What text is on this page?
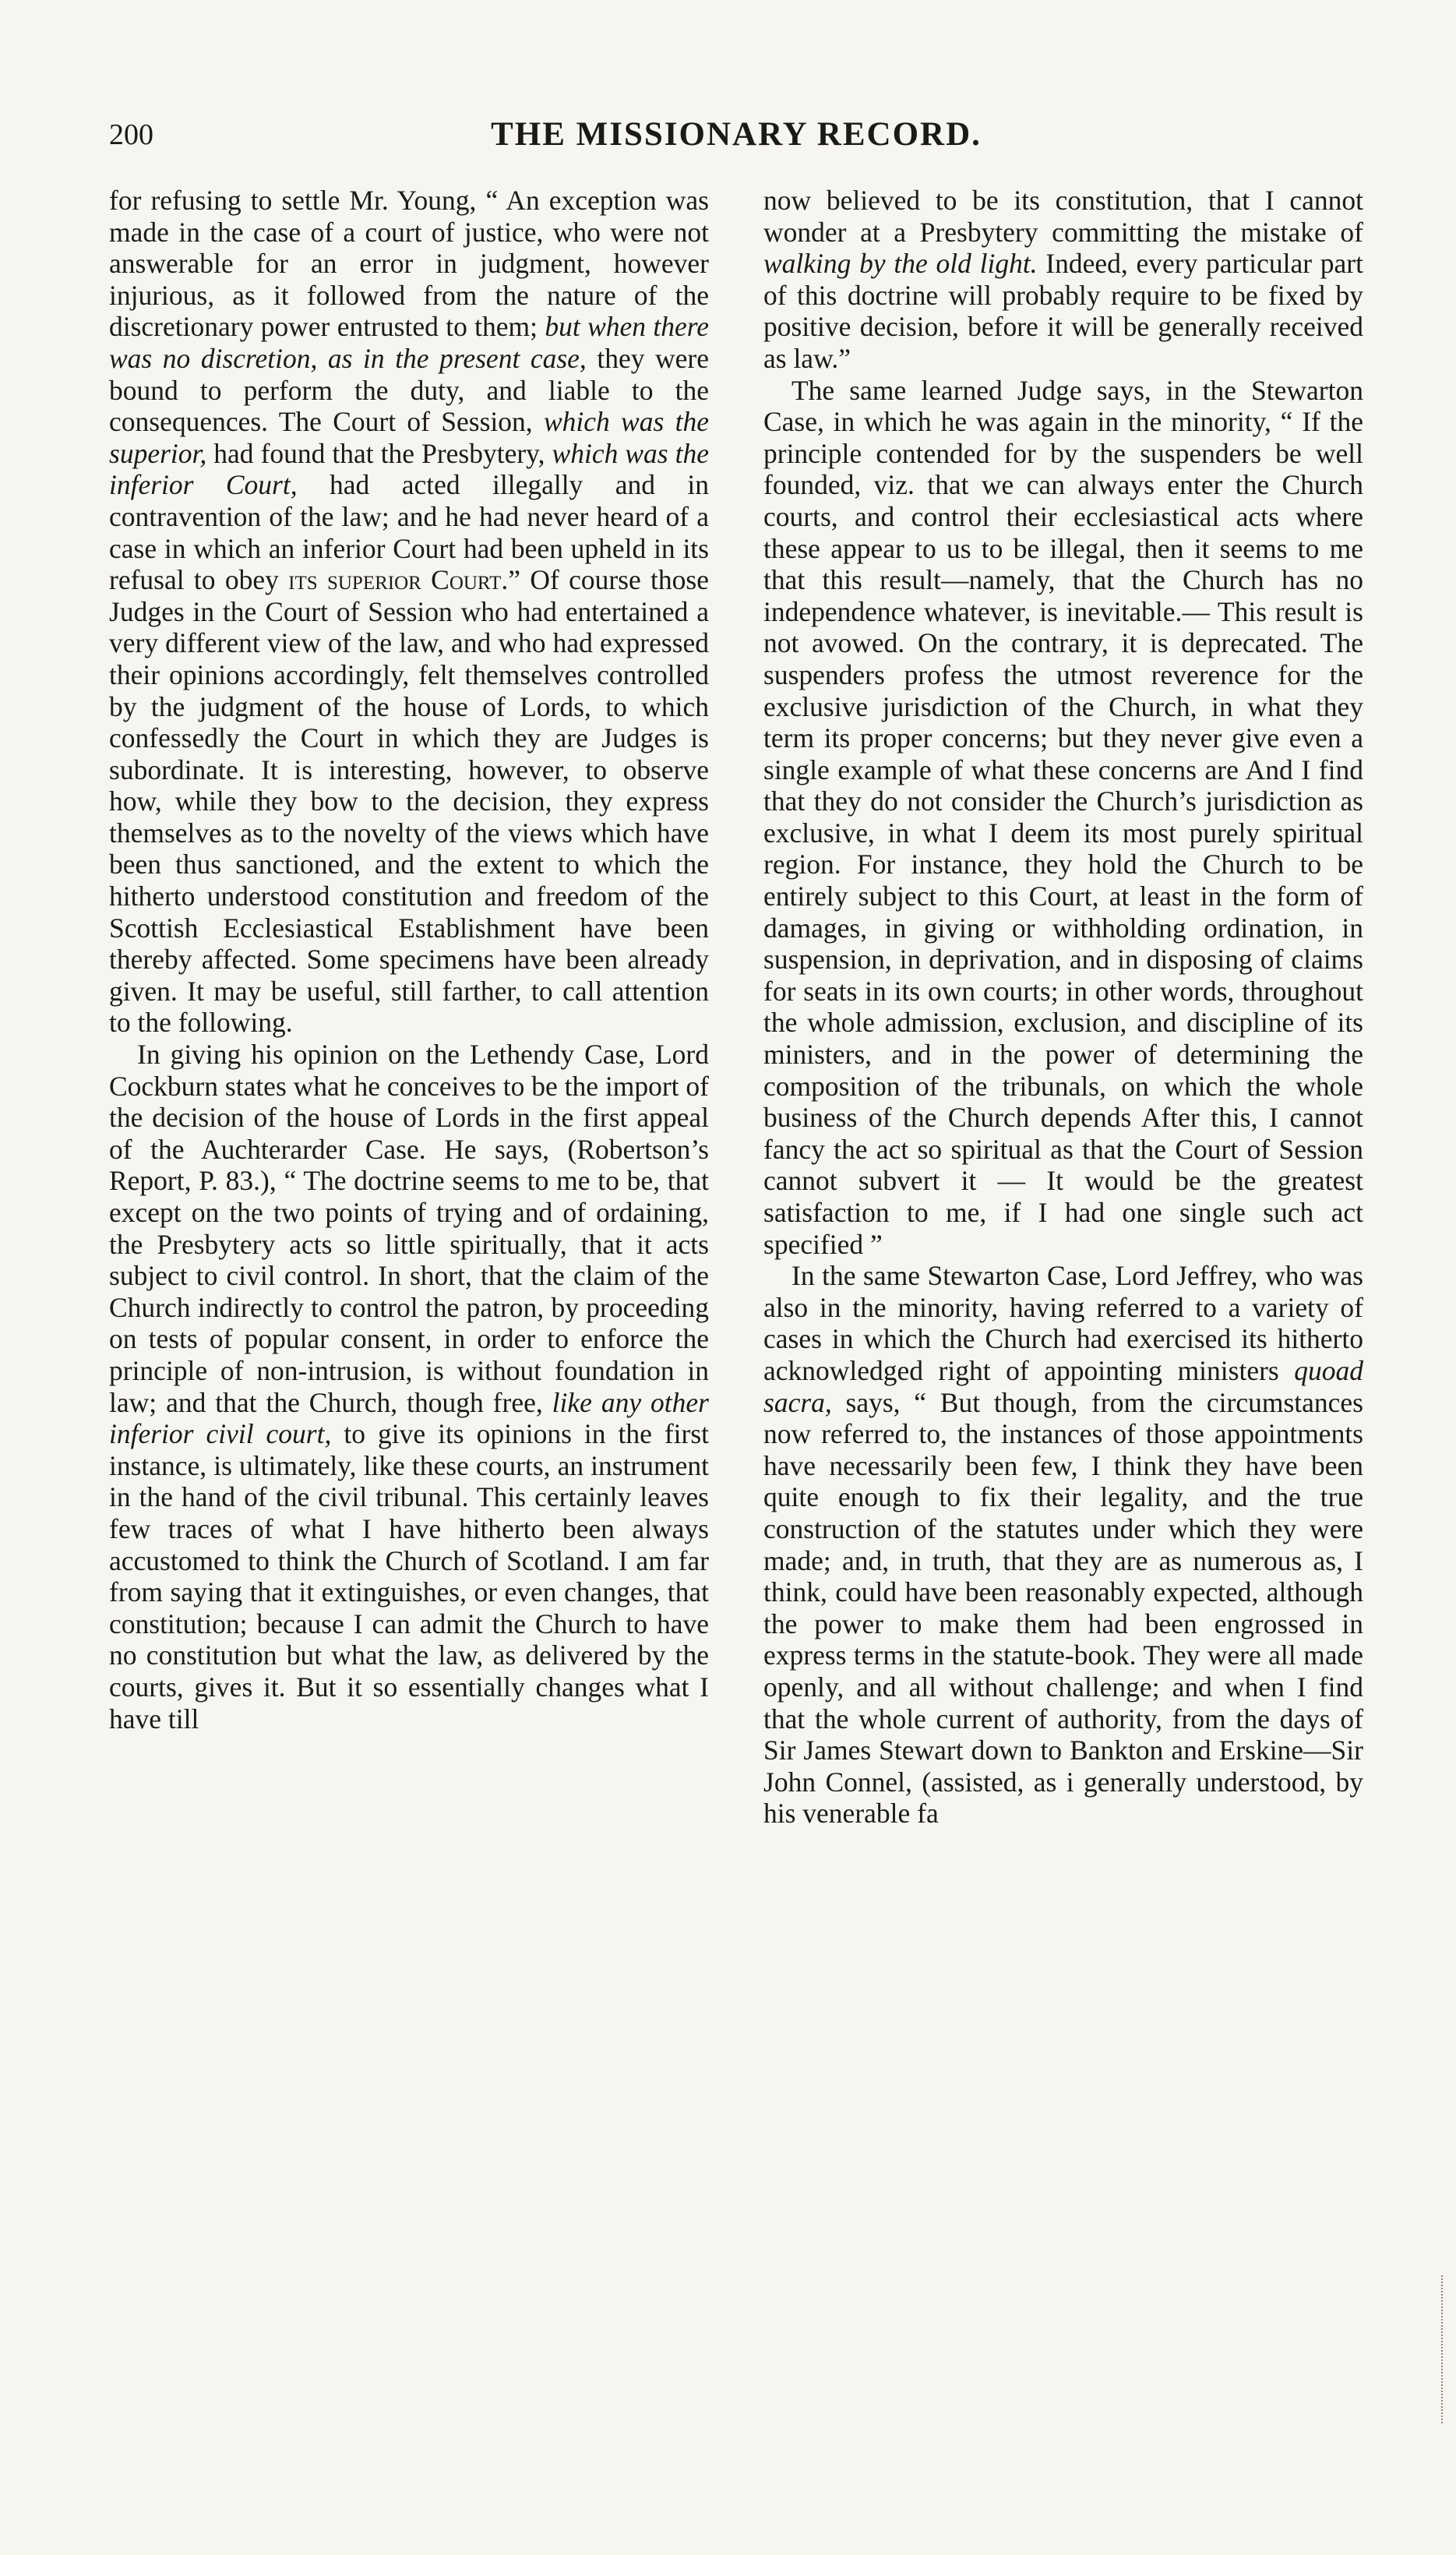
200	THE MISSIONARY RECORD.

for refusing to settle Mr. Young, “ An exception was made in the case of a court of justice, who were not answerable for an error in judgment, however injurious, as it followed from the nature of the discretionary power entrusted to them; but when there was no discretion, as in the present case, they were bound to perform the duty, and liable to the consequences. The Court of Session, which was the superior, had found that the Presbytery, which was the inferior Court, had acted illegally and in contravention of the law; and he had never heard of a case in which an inferior Court had been upheld in its refusal to obey its superior Court.” Of course those Judges in the Court of Session who had entertained a very different view of the law, and who had expressed their opinions accordingly, felt themselves controlled by the judgment of the house of Lords, to which confessedly the Court in which they are Judges is subordinate. It is interesting, however, to observe how, while they bow to the decision, they express themselves as to the novelty of the views which have been thus sanctioned, and the extent to which the hitherto understood constitution and freedom of the Scottish Ecclesiastical Establishment have been thereby affected. Some specimens have been already given. It may be useful, still farther, to call attention to the following.

In giving his opinion on the Lethendy Case, Lord Cockburn states what he conceives to be the import of the decision of the house of Lords in the first appeal of the Auchterarder Case. He says, (Robertson’s Report, P. 83.), “ The doctrine seems to me to be, that except on the two points of trying and of ordaining, the Presbytery acts so little spiritually, that it acts subject to civil control. In short, that the claim of the Church indirectly to control the patron, by proceeding on tests of popular consent, in order to enforce the principle of non-intrusion, is without foundation in law; and that the Church, though free, like any other inferior civil court, to give its opinions in the first instance, is ultimately, like these courts, an instrument in the hand of the civil tribunal. This certainly leaves few traces of what I have hitherto been always accustomed to think the Church of Scotland. I am far from saying that it extinguishes, or even changes, that constitution; because I can admit the Church to have no constitution but what the law, as delivered by the courts, gives it. But it so essentially changes what I have till

now believed to be its constitution, that I cannot wonder at a Presbytery committing the mistake of walking by the old light. Indeed, every particular part of this doctrine will probably require to be fixed by positive decision, before it will be generally received as law.”

The same learned Judge says, in the Stewarton Case, in which he was again in the minority, “ If the principle contended for by the suspenders be well founded, viz. that we can always enter the Church courts, and control their ecclesiastical acts where these appear to us to be illegal, then it seems to me that this result—namely, that the Church has no independence whatever, is inevitable.— This result is not avowed. On the contrary, it is deprecated. The suspenders profess the utmost reverence for the exclusive jurisdiction of the Church, in what they term its proper concerns; but they never give even a single example of what these concerns are And I find that they do not consider the Church’s jurisdiction as exclusive, in what I deem its most purely spiritual region. For instance, they hold the Church to be entirely subject to this Court, at least in the form of damages, in giving or withholding ordination, in suspension, in deprivation, and in disposing of claims for seats in its own courts; in other words, throughout the whole admission, exclusion, and discipline of its ministers, and in the power of determining the composition of the tribunals, on which the whole business of the Church depends After this, I cannot fancy the act so spiritual as that the Court of Session cannot subvert it — It would be the greatest satisfaction to me, if I had one single such act specified ”

In the same Stewarton Case, Lord Jeffrey, who was also in the minority, having referred to a variety of cases in which the Church had exercised its hitherto acknowledged right of appointing ministers quoad sacra, says, “ But though, from the circumstances now referred to, the instances of those appointments have necessarily been few, I think they have been quite enough to fix their legality, and the true construction of the statutes under which they were made; and, in truth, that they are as numerous as, I think, could have been reasonably expected, although the power to make them had been engrossed in express terms in the statute-book. They were all made openly, and all without challenge; and when I find that the whole current of authority, from the days of Sir James Stewart down to Bankton and Erskine—Sir John Connel, (assisted, as i generally understood, by his venerable fa
